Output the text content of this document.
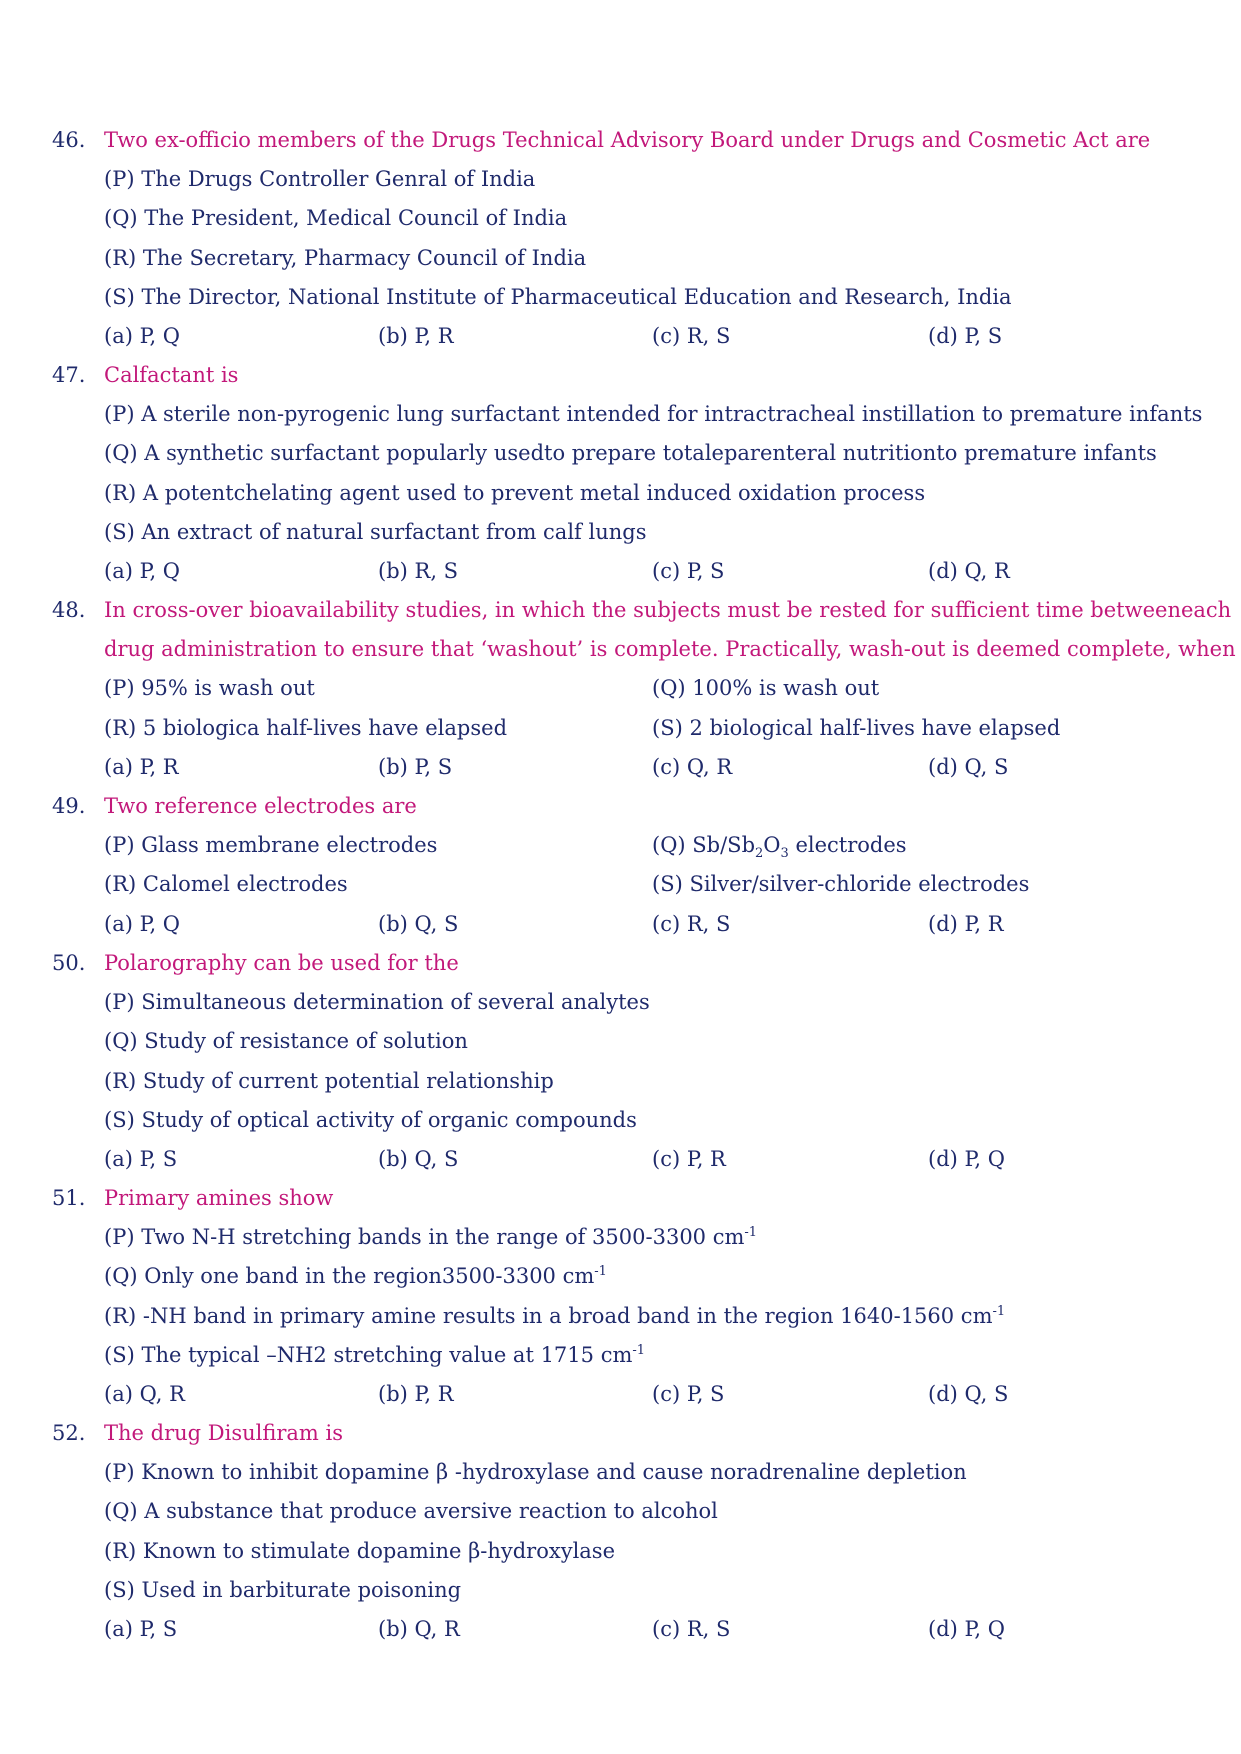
46. Two ex-officio members of the Drugs Technical Advisory Board under Drugs and Cosmetic Act are
(P) The Drugs Controller Genral of India
(Q) The President, Medical Council of India
(R) The Secretary, Pharmacy Council of India
(S) The Director, National Institute of Pharmaceutical Education and Research, India
(a) P, Q	(b) P, R	(c) R, S	(d) P, S
47. Calfactant is
(P) A sterile non-pyrogenic lung surfactant intended for intractracheal instillation to premature infants
(Q) A synthetic surfactant popularly usedto prepare totaleparenteral nutritionto premature infants
(R) A potentchelating agent used to prevent metal induced oxidation process
(S) An extract of natural surfactant from calf lungs
(a) P, Q	(b) R, S	(c) P, S	(d) Q, R
48. In cross-over bioavailability studies, in which the subjects must be rested for sufficient time betweeneach
drug administration to ensure that ‘washout’ is complete. Practically, wash-out is deemed complete, when
(P) 95% is wash out	(Q) 100% is wash out
(R) 5 biologica half-lives have elapsed	(S) 2 biological half-lives have elapsed
(a) P, R	(b) P, S	(c) Q, R	(d) Q, S
49. Two reference electrodes are
(P) Glass membrane electrodes	(Q) $Sb/Sb_2O_3$ electrodes
(R) Calomel electrodes	(S) Silver/silver-chloride electrodes
(a) P, Q	(b) Q, S	(c) R, S	(d) P, R
50. Polarography can be used for the
(P) Simultaneous determination of several analytes
(Q) Study of resistance of solution
(R) Study of current potential relationship
(S) Study of optical activity of organic compounds
(a) P, S	(b) Q, S	(c) P, R	(d) P, Q
51. Primary amines show
(P) Two N-H stretching bands in the range of 3500-3300 $cm^{-1}$
(Q) Only one band in the region3500-3300 $cm^{-1}$
(R) -NH band in primary amine results in a broad band in the region 1640-1560 $cm^{-1}$
(S) The typical –NH2 stretching value at 1715 $cm^{-1}$
(a) Q, R	(b) P, R	(c) P, S	(d) Q, S
52. The drug Disulfiram is
(P) Known to inhibit dopamine β -hydroxylase and cause noradrenaline depletion
(Q) A substance that produce aversive reaction to alcohol
(R) Known to stimulate dopamine β-hydroxylase
(S) Used in barbiturate poisoning
(a) P, S	(b) Q, R	(c) R, S	(d) P, Q
